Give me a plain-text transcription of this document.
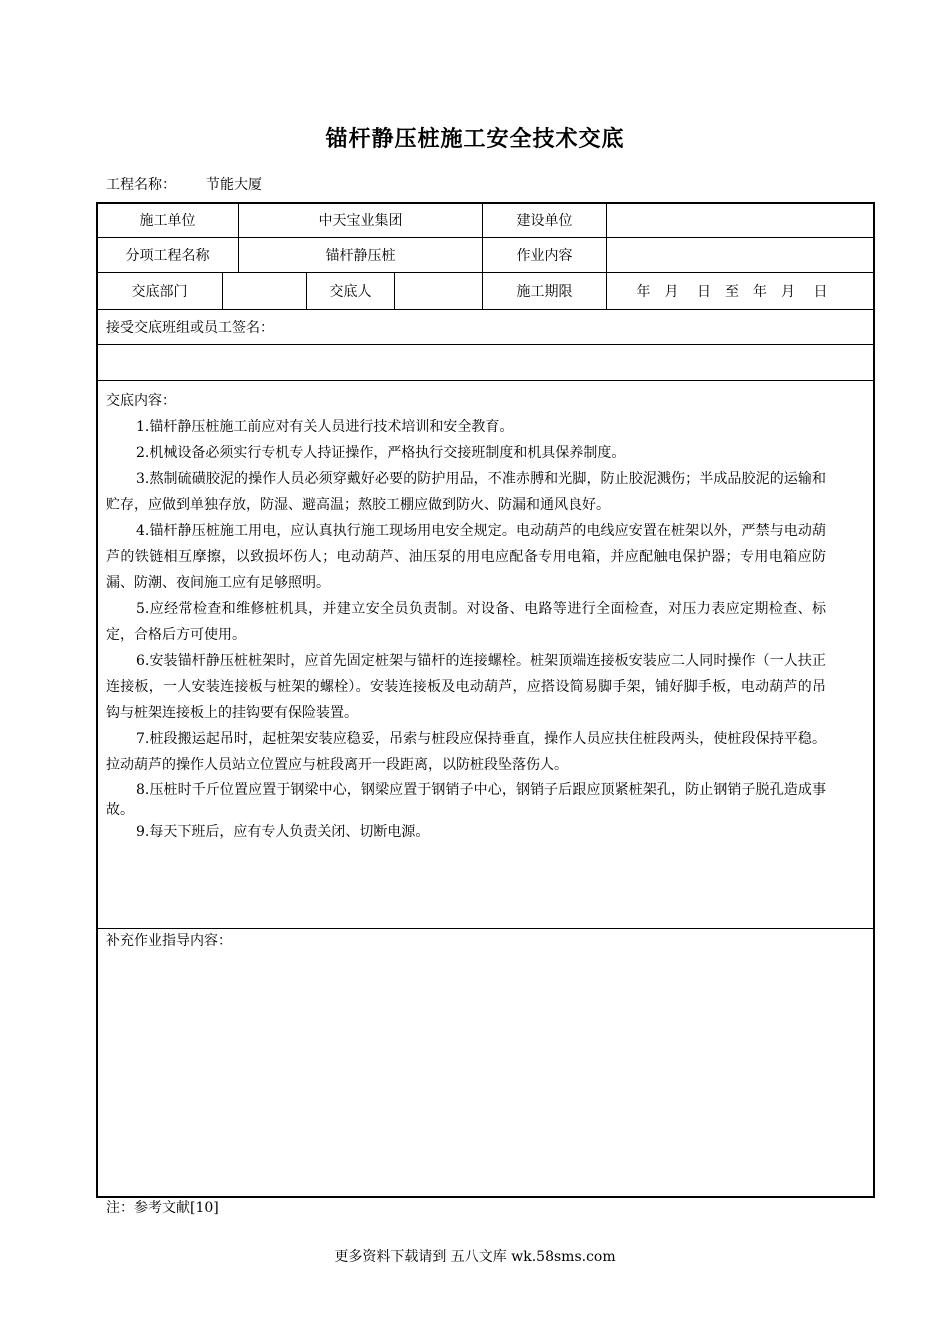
锚杆静压桩施工安全技术交底
工程名称： 节能大厦
施工单位	中天宝业集团	建设单位
分项工程名称	锚杆静压桩	作业内容
交底部门	交底人	施工期限	年　月　 日　至　年　月　 日
接受交底班组或员工签名：
交底内容：
1.锚杆静压桩施工前应对有关人员进行技术培训和安全教育。
2.机械设备必须实行专机专人持证操作，严格执行交接班制度和机具保养制度。
3.熬制硫磺胶泥的操作人员必须穿戴好必要的防护用品，不准赤膊和光脚，防止胶泥溅伤；半成品胶泥的运输和贮存，应做到单独存放，防湿、避高温；熬胶工棚应做到防火、防漏和通风良好。
4.锚杆静压桩施工用电，应认真执行施工现场用电安全规定。电动葫芦的电线应安置在桩架以外，严禁与电动葫芦的铁链相互摩擦，以致损坏伤人；电动葫芦、油压泵的用电应配备专用电箱，并应配触电保护器；专用电箱应防漏、防潮、夜间施工应有足够照明。
5.应经常检查和维修桩机具，并建立安全员负责制。对设备、电路等进行全面检查，对压力表应定期检查、标定，合格后方可使用。
6.安装锚杆静压桩桩架时，应首先固定桩架与锚杆的连接螺栓。桩架顶端连接板安装应二人同时操作（一人扶正连接板，一人安装连接板与桩架的螺栓）。安装连接板及电动葫芦，应搭设简易脚手架，铺好脚手板，电动葫芦的吊钩与桩架连接板上的挂钩要有保险装置。
7.桩段搬运起吊时，起桩架安装应稳妥，吊索与桩段应保持垂直，操作人员应扶住桩段两头，使桩段保持平稳。拉动葫芦的操作人员站立位置应与桩段离开一段距离，以防桩段坠落伤人。
8.压桩时千斤位置应置于钢梁中心，钢梁应置于钢销子中心，钢销子后跟应顶紧桩架孔，防止钢销子脱孔造成事故。
9.每天下班后，应有专人负责关闭、切断电源。
补充作业指导内容：
注：参考文献[10]
更多资料下载请到 五八文库 wk.58sms.com
